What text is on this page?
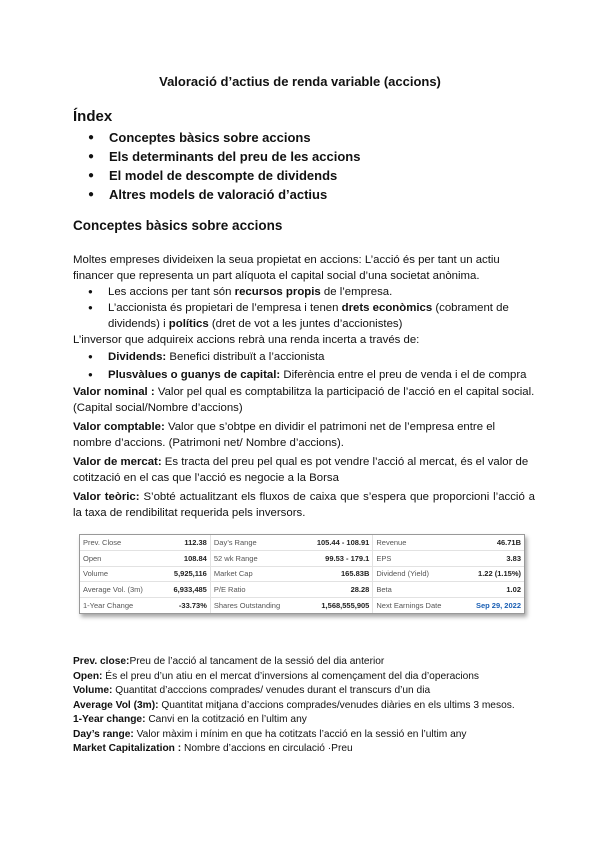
Valoració d’actius de renda variable (accions)
Índex
● Conceptes bàsics sobre accions
● Els determinants del preu de les accions
● El model de descompte de dividends
● Altres models de valoració d’actius
Conceptes bàsics sobre accions

Moltes empreses divideixen la seua propietat en accions: L’acció és per tant un actiu financer que representa un part alíquota el capital social d’una societat anònima.

● Les accions per tant són recursos propis de l’empresa.

● L’accionista és propietari de l’empresa i tenen drets econòmics (cobrament de dividends) i polítics (dret de vot a les juntes d’accionistes)

L’inversor que adquireix accions rebrà una renda incerta a través de:

● Dividends: Benefici distribuït a l’accionista

● Plusvàlues o guanys de capital: Diferència entre el preu de venda i el de compra

Valor nominal : Valor pel qual es comptabilitza la participació de l’acció en el capital social. (Capital social/Nombre d’accions)

Valor comptable: Valor que s’obtpe en dividir el patrimoni net de l’empresa entre el nombre d’accions. (Patrimoni net/ Nombre d’accions).

Valor de mercat: Es tracta del preu pel qual es pot vendre l’acció al mercat, és el valor de cotització en el cas que l’acció es negocie a la Borsa

Valor teòric: S’obté actualitzant els fluxos de caixa que s’espera que proporcioni l’acció a la taxa de rendibilitat requerida pels inversors.

Prev. Close	112.38	Day’s Range	105.44 - 108.91	Revenue	46.71B
Open	108.84	52 wk Range	99.53 - 179.1	EPS	3.83
Volume	5,925,116	Market Cap	165.83B	Dividend (Yield)	1.22 (1.15%)
Average Vol. (3m)	6,933,485	P/E Ratio	28.28	Beta	1.02
1-Year Change	-33.73%	Shares Outstanding	1,568,555,905	Next Earnings Date	Sep 29, 2022

Prev. close:Preu de l’acció al tancament de la sessió del dia anterior

Open: És el preu d’un atiu en el mercat d’inversions al començament del dia d’operacions

Volume: Quantitat d’acccions comprades/ venudes durant el transcurs d’un dia

Average Vol (3m): Quantitat mitjana d’accions comprades/venudes diàries en els ultims 3 mesos.

1-Year change: Canvi en la cotització en l’ultim any

Day’s range: Valor màxim i mínim en que ha cotitzats l’acció en la sessió en l’ultim any

Market Capitalization : Nombre d’accions en circulació ·Preu
